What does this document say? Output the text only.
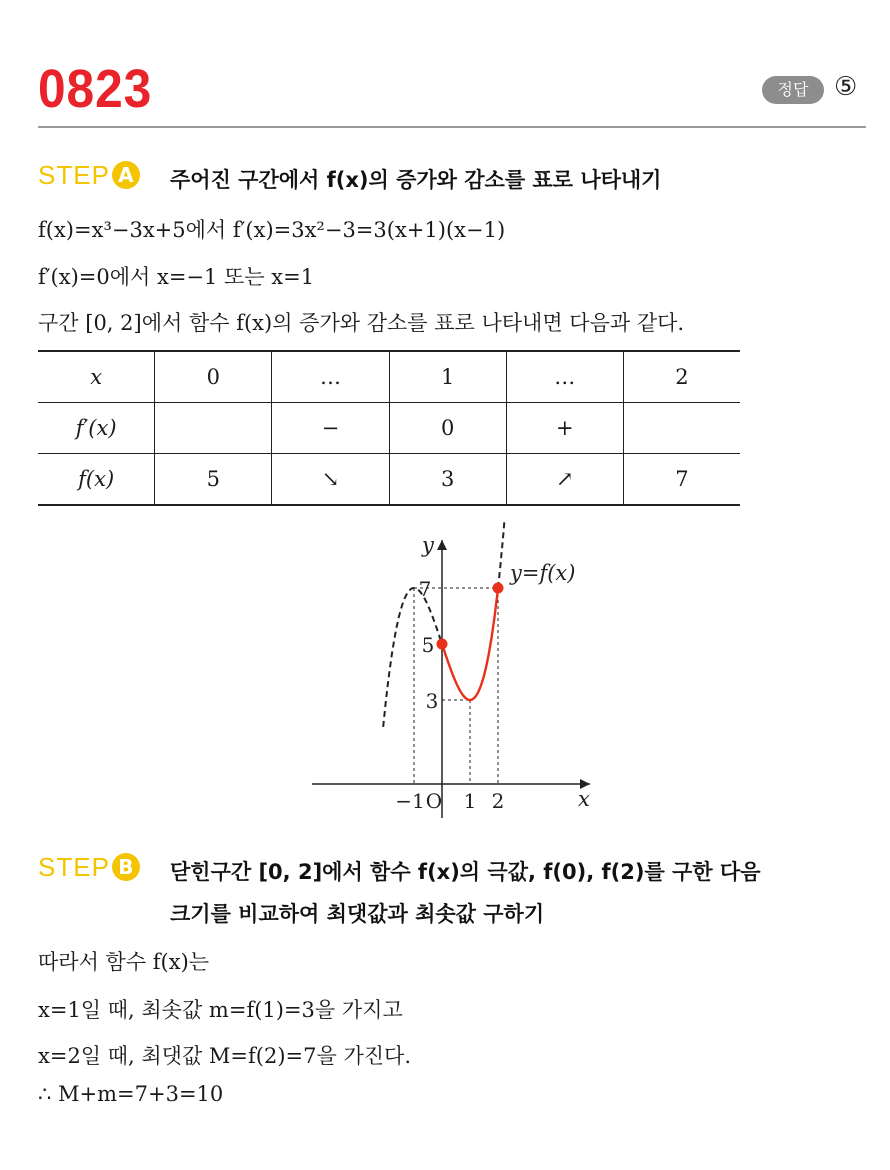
0823	정답 ⑤
STEP A 주어진 구간에서 f(x)의 증가와 감소를 표로 나타내기
f(x)=x³−3x+5에서 f′(x)=3x²−3=3(x+1)(x−1)
f′(x)=0에서 x=−1 또는 x=1
구간 [0, 2]에서 함수 f(x)의 증가와 감소를 표로 나타내면 다음과 같다.
x	0	…	1	…	2
f′(x)		−	0	+	
f(x)	5	↘	3	↗	7
x
y
7
5
3
−1 O 1 2
y=f(x)
STEP B	닫힌구간 [0, 2]에서 함수 f(x)의 극값, f(0), f(2)를 구한 다음
크기를 비교하여 최댓값과 최솟값 구하기
따라서 함수 f(x)는
x=1일 때, 최솟값 m=f(1)=3을 가지고
x=2일 때, 최댓값 M=f(2)=7을 가진다.
∴ M+m=7+3=10
